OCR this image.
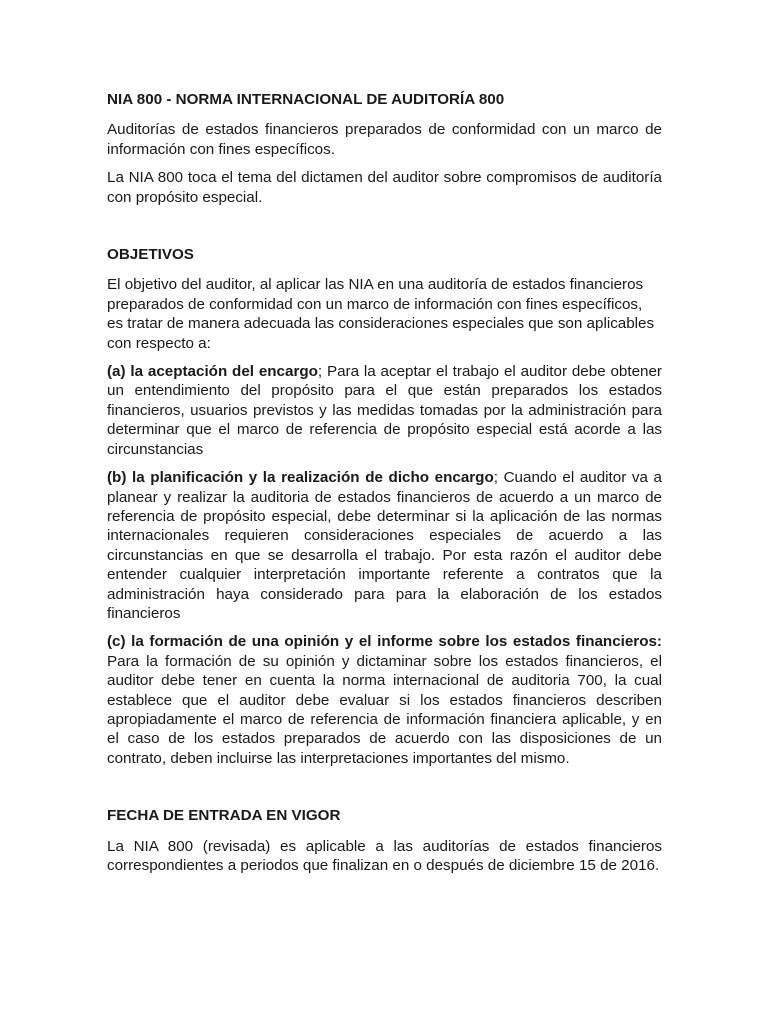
NIA 800 - NORMA INTERNACIONAL DE AUDITORÍA 800

Auditorías de estados financieros preparados de conformidad con un marco de información con fines específicos.

La NIA 800 toca el tema del dictamen del auditor sobre compromisos de auditoría con propósito especial.

OBJETIVOS

El objetivo del auditor, al aplicar las NIA en una auditoría de estados financieros preparados de conformidad con un marco de información con fines específicos, es tratar de manera adecuada las consideraciones especiales que son aplicables con respecto a:

(a) la aceptación del encargo; Para la aceptar el trabajo el auditor debe obtener un entendimiento del propósito para el que están preparados los estados financieros, usuarios previstos y las medidas tomadas por la administración para determinar que el marco de referencia de propósito especial está acorde a las circunstancias

(b) la planificación y la realización de dicho encargo; Cuando el auditor va a planear y realizar la auditoria de estados financieros de acuerdo a un marco de referencia de propósito especial, debe determinar si la aplicación de las normas internacionales requieren consideraciones especiales de acuerdo a las circunstancias en que se desarrolla el trabajo. Por esta razón el auditor debe entender cualquier interpretación importante referente a contratos que la administración haya considerado para para la elaboración de los estados financieros

(c) la formación de una opinión y el informe sobre los estados financieros: Para la formación de su opinión y dictaminar sobre los estados financieros, el auditor debe tener en cuenta la norma internacional de auditoria 700, la cual establece que el auditor debe evaluar si los estados financieros describen apropiadamente el marco de referencia de información financiera aplicable, y en el caso de los estados preparados de acuerdo con las disposiciones de un contrato, deben incluirse las interpretaciones importantes del mismo.

FECHA DE ENTRADA EN VIGOR

La NIA 800 (revisada) es aplicable a las auditorías de estados financieros correspondientes a periodos que finalizan en o después de diciembre 15 de 2016.
